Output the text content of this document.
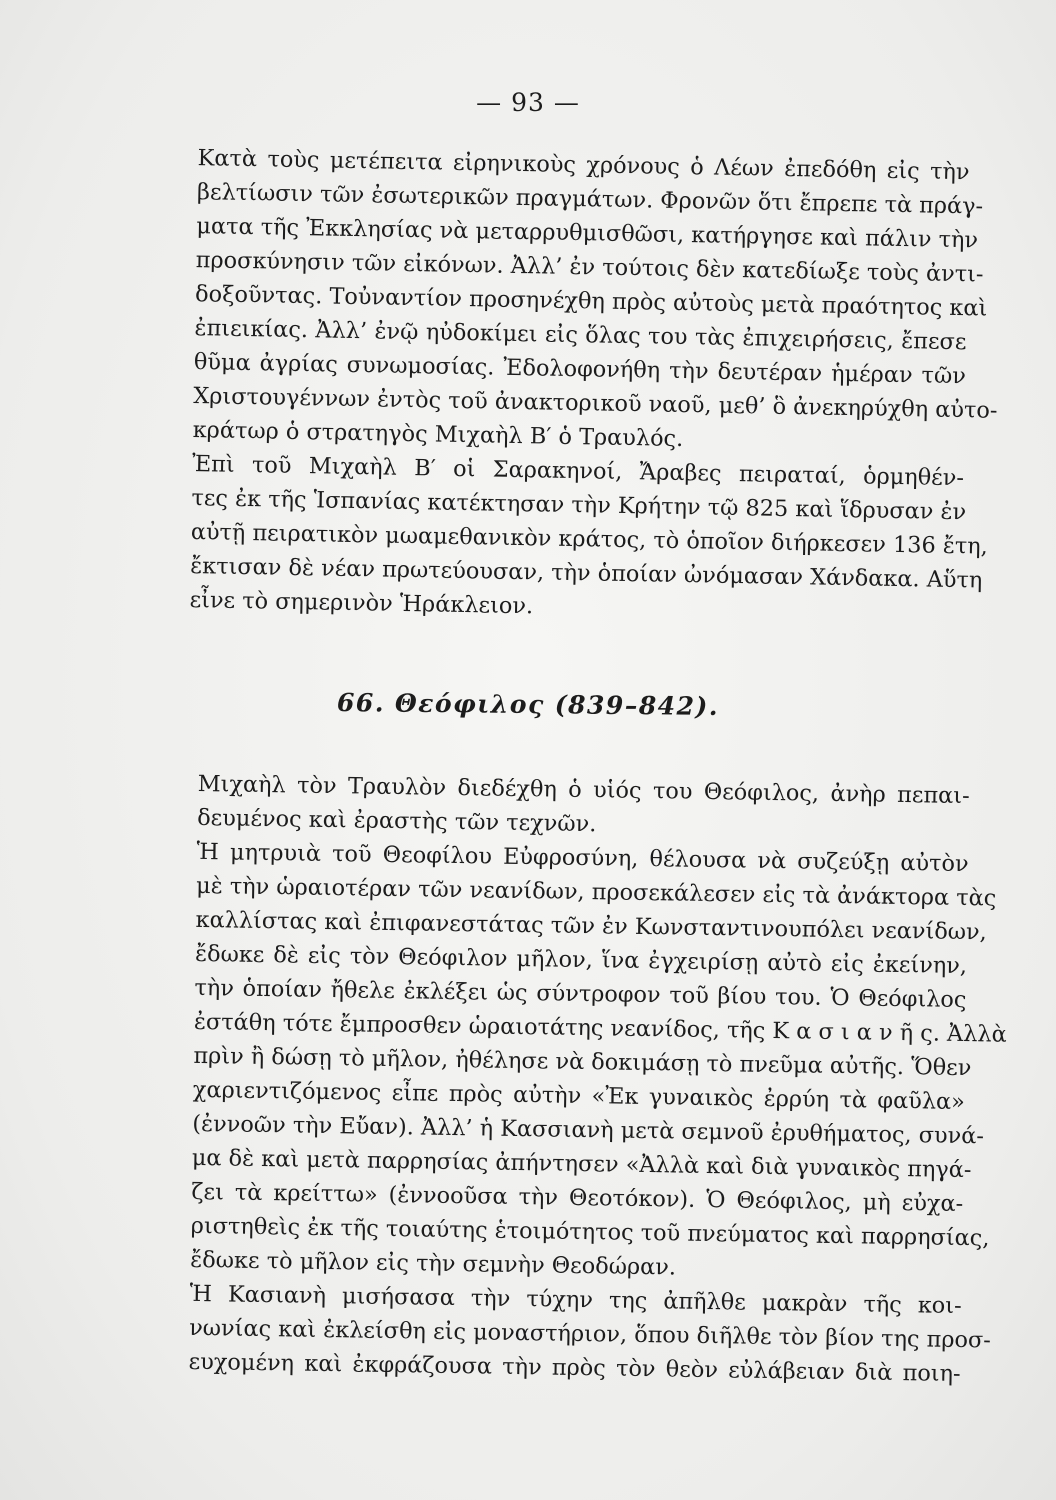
— 93 —

Κατὰ τοὺς μετέπειτα εἰρηνικοὺς χρόνους ὁ Λέων ἐπεδόθη εἰς τὴν
βελτίωσιν τῶν ἐσωτερικῶν πραγμάτων. Φρονῶν ὅτι ἔπρεπε τὰ πράγ-
ματα τῆς Ἐκκλησίας νὰ μεταρρυθμισθῶσι, κατήργησε καὶ πάλιν τὴν
προσκύνησιν τῶν εἰκόνων. Ἀλλ’ ἐν τούτοις δὲν κατεδίωξε τοὺς ἀντι-
δοξοῦντας. Τοὐναντίον προσηνέχθη πρὸς αὐτοὺς μετὰ πραότητος καὶ
ἐπιεικίας. Ἀλλ’ ἐνῷ ηὐδοκίμει εἰς ὅλας του τὰς ἐπιχειρήσεις, ἔπεσε
θῦμα ἀγρίας συνωμοσίας. Ἐδολοφονήθη τὴν δευτέραν ἡμέραν τῶν
Χριστουγέννων ἐντὸς τοῦ ἀνακτορικοῦ ναοῦ, μεθ’ ὃ ἀνεκηρύχθη αὐτο-
κράτωρ ὁ στρατηγὸς Μιχαὴλ Β′ ὁ Τραυλός.

Ἐπὶ τοῦ Μιχαὴλ Β′ οἱ Σαρακηνοί, Ἄραβες πειραταί, ὁρμηθέν-
τες ἐκ τῆς Ἱσπανίας κατέκτησαν τὴν Κρήτην τῷ 825 καὶ ἵδρυσαν ἐν
αὐτῇ πειρατικὸν μωαμεθανικὸν κράτος, τὸ ὁποῖον διήρκεσεν 136 ἔτη,
ἔκτισαν δὲ νέαν πρωτεύουσαν, τὴν ὁποίαν ὠνόμασαν Χάνδακα. Αὕτη
εἶνε τὸ σημερινὸν Ἡράκλειον.

66. Θεόφιλος (839–842).

Μιχαὴλ τὸν Τραυλὸν διεδέχθη ὁ υἱός του Θεόφιλος, ἀνὴρ πεπαι-
δευμένος καὶ ἐραστὴς τῶν τεχνῶν.

Ἡ μητρυιὰ τοῦ Θεοφίλου Εὐφροσύνη, θέλουσα νὰ συζεύξῃ αὐτὸν
μὲ τὴν ὡραιοτέραν τῶν νεανίδων, προσεκάλεσεν εἰς τὰ ἀνάκτορα τὰς
καλλίστας καὶ ἐπιφανεστάτας τῶν ἐν Κωνσταντινουπόλει νεανίδων,
ἔδωκε δὲ εἰς τὸν Θεόφιλον μῆλον, ἵνα ἐγχειρίσῃ αὐτὸ εἰς ἐκείνην,
τὴν ὁποίαν ἤθελε ἐκλέξει ὡς σύντροφον τοῦ βίου του. Ὁ Θεόφιλος
ἐστάθη τότε ἔμπροσθεν ὡραιοτάτης νεανίδος, τῆς Κ α σ ι α ν ῆ ς. Ἀλλὰ
πρὶν ἢ δώσῃ τὸ μῆλον, ἠθέλησε νὰ δοκιμάσῃ τὸ πνεῦμα αὐτῆς. Ὅθεν
χαριεντιζόμενος εἶπε πρὸς αὐτὴν «Ἐκ γυναικὸς ἐρρύη τὰ φαῦλα»
(ἐννοῶν τὴν Εὔαν). Ἀλλ’ ἡ Κασσιανὴ μετὰ σεμνοῦ ἐρυθήματος, συνά-
μα δὲ καὶ μετὰ παρρησίας ἀπήντησεν «Ἀλλὰ καὶ διὰ γυναικὸς πηγά-
ζει τὰ κρείττω» (ἐννοοῦσα τὴν Θεοτόκον). Ὁ Θεόφιλος, μὴ εὐχα-
ριστηθεὶς ἐκ τῆς τοιαύτης ἑτοιμότητος τοῦ πνεύματος καὶ παρρησίας,
ἔδωκε τὸ μῆλον εἰς τὴν σεμνὴν Θεοδώραν.

Ἡ Κασιανὴ μισήσασα τὴν τύχην της ἀπῆλθε μακρὰν τῆς κοι-
νωνίας καὶ ἐκλείσθη εἰς μοναστήριον, ὅπου διῆλθε τὸν βίον της προσ-
ευχομένη καὶ ἐκφράζουσα τὴν πρὸς τὸν θεὸν εὐλάβειαν διὰ ποιη-
